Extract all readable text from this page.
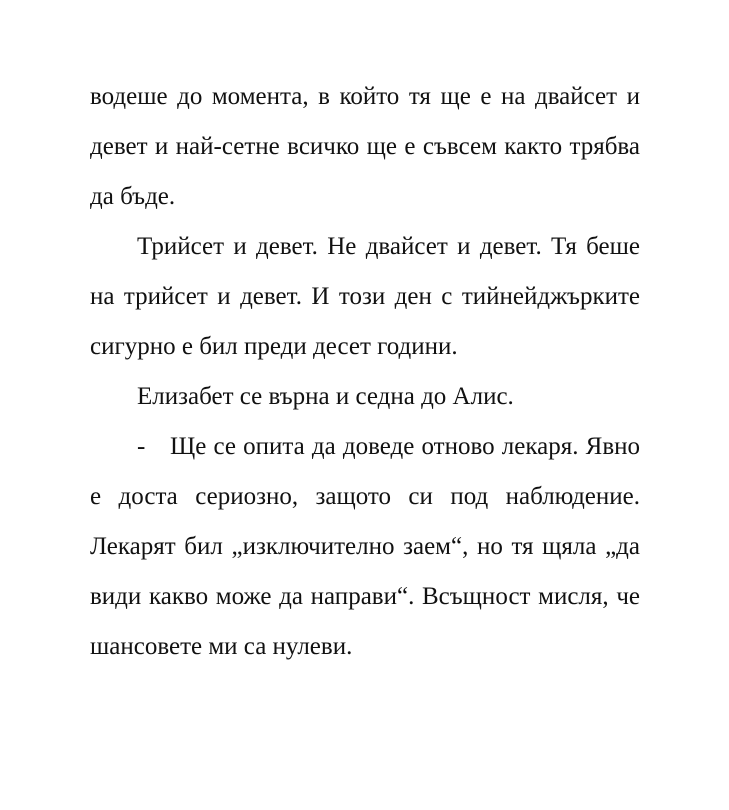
водеше до момента, в който тя ще е на двайсет и девет и най-сетне всичко ще е съвсем както трябва да бъде.

Трийсет и девет. Не двайсет и девет. Тя беше на трийсет и девет. И този ден с тийнейджърките сигурно е бил преди десет години.

Елизабет се върна и седна до Алис.

- Ще се опита да доведе отново лекаря. Явно е доста сериозно, защото си под наблюдение. Лекарят бил „изключително заем“, но тя щяла „да види какво може да направи“. Всъщност мисля, че шансовете ми са нулеви.
